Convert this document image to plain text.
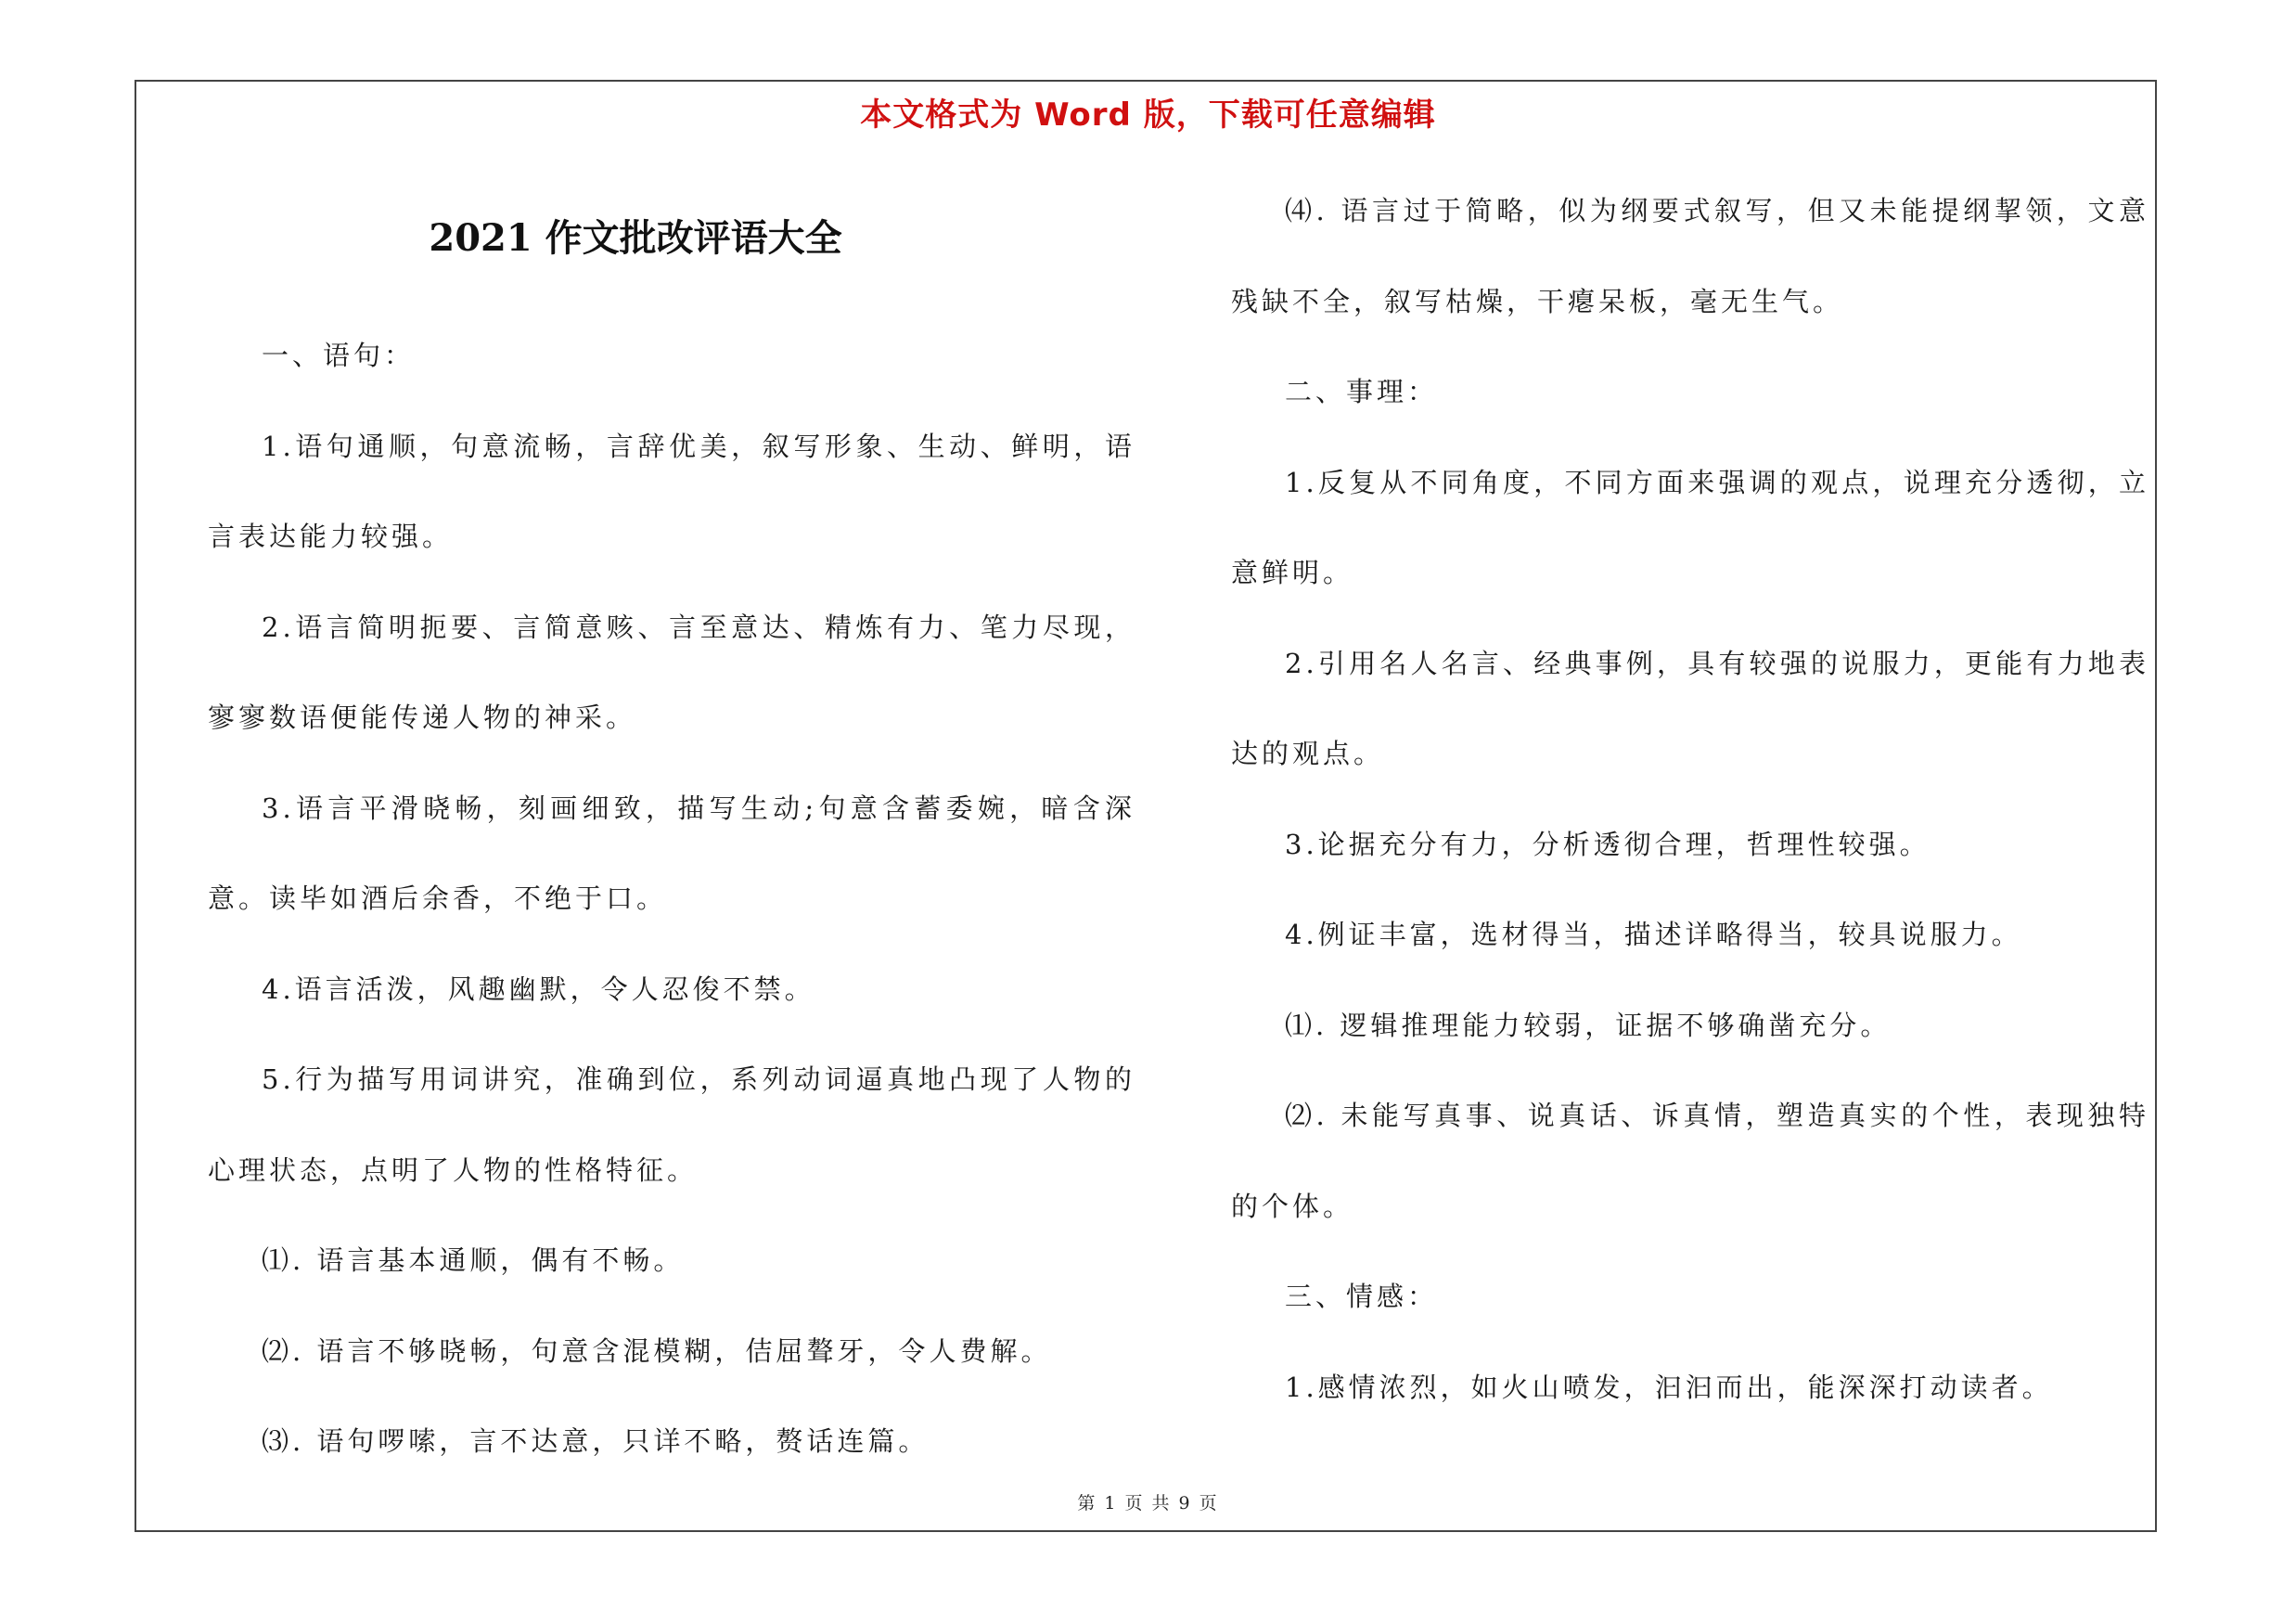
本文格式为 Word 版，下载可任意编辑
2021 作文批改评语大全

一、语句：

1.语句通顺，句意流畅，言辞优美，叙写形象、生动、鲜明，语言表达能力较强。

2.语言简明扼要、言简意赅、言至意达、精炼有力、笔力尽现，寥寥数语便能传递人物的神采。

3.语言平滑晓畅，刻画细致，描写生动;句意含蓄委婉，暗含深意。读毕如酒后余香，不绝于口。

4.语言活泼，风趣幽默，令人忍俊不禁。

5.行为描写用词讲究，准确到位，系列动词逼真地凸现了人物的心理状态，点明了人物的性格特征。

⑴. 语言基本通顺，偶有不畅。

⑵. 语言不够晓畅，句意含混模糊，佶屈聱牙，令人费解。

⑶. 语句啰嗦，言不达意，只详不略，赘话连篇。

⑷. 语言过于简略，似为纲要式叙写，但又未能提纲挈领，文意残缺不全，叙写枯燥，干瘪呆板，毫无生气。

二、事理：

1.反复从不同角度，不同方面来强调的观点，说理充分透彻，立意鲜明。

2.引用名人名言、经典事例，具有较强的说服力，更能有力地表达的观点。

3.论据充分有力，分析透彻合理，哲理性较强。

4.例证丰富，选材得当，描述详略得当，较具说服力。

⑴. 逻辑推理能力较弱，证据不够确凿充分。

⑵. 未能写真事、说真话、诉真情，塑造真实的个性，表现独特的个体。

三、情感：

1.感情浓烈，如火山喷发，汩汩而出，能深深打动读者。

第 1 页 共 9 页
